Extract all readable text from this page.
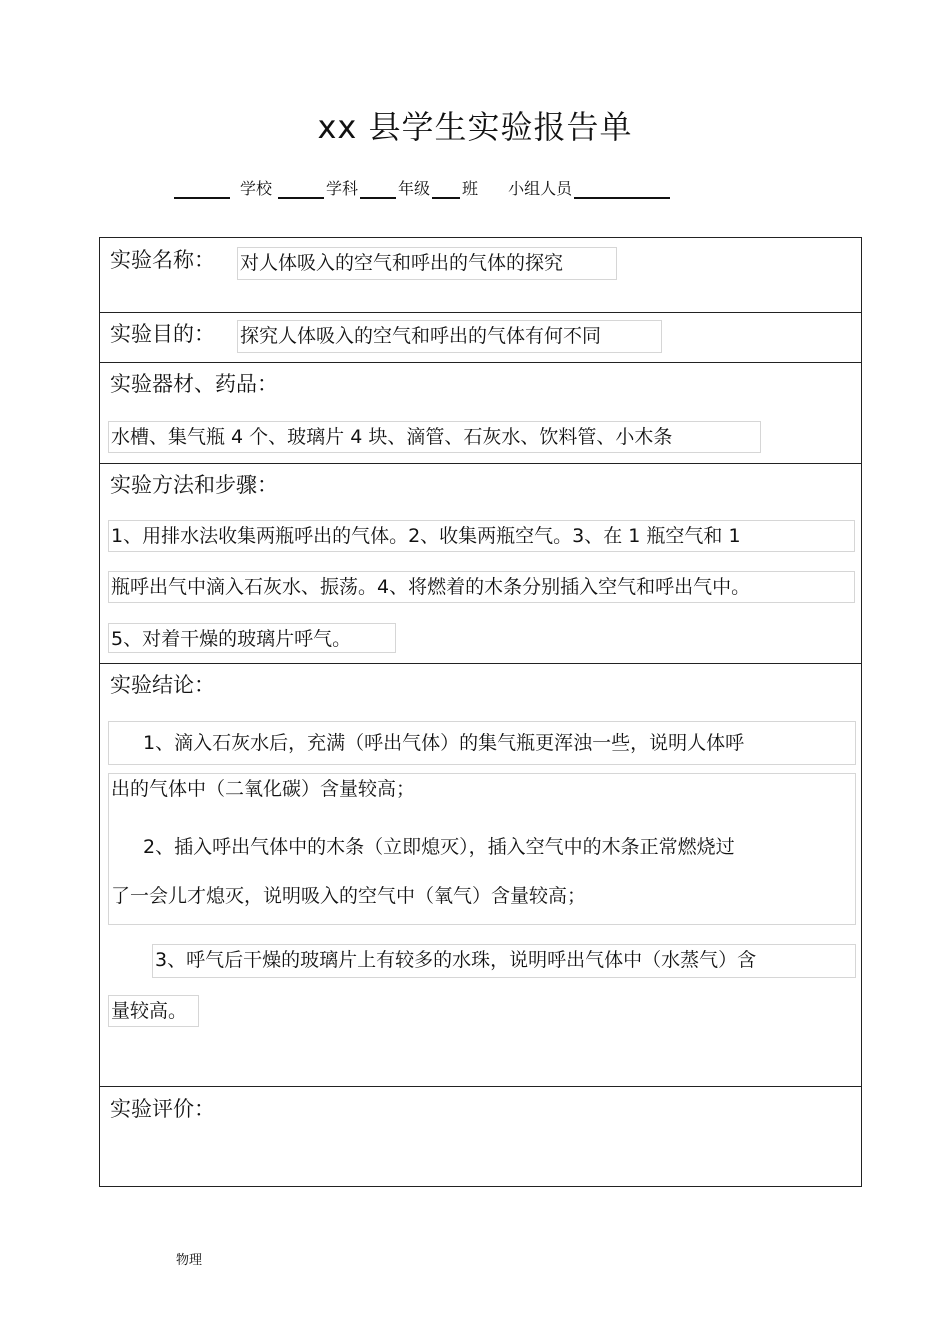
xx 县学生实验报告单
学校	学科	年级 班 小组人员
实验名称： 对人体吸入的空气和呼出的气体的探究
实验目的： 探究人体吸入的空气和呼出的气体有何不同
实验器材、药品：
水槽、集气瓶 4 个、玻璃片 4 块、滴管、石灰水、饮料管、小木条
实验方法和步骤：
1、用排水法收集两瓶呼出的气体。2、收集两瓶空气。3、在 1 瓶空气和 1
瓶呼出气中滴入石灰水、振荡。4、将燃着的木条分别插入空气和呼出气中。
5、对着干燥的玻璃片呼气。
实验结论：
1、滴入石灰水后，充满（呼出气体）的集气瓶更浑浊一些，说明人体呼
出的气体中（二氧化碳）含量较高；
2、插入呼出气体中的木条（立即熄灭），插入空气中的木条正常燃烧过
了一会儿才熄灭，说明吸入的空气中（氧气）含量较高；
3、呼气后干燥的玻璃片上有较多的水珠，说明呼出气体中（水蒸气）含
量较高。
实验评价：
物理
